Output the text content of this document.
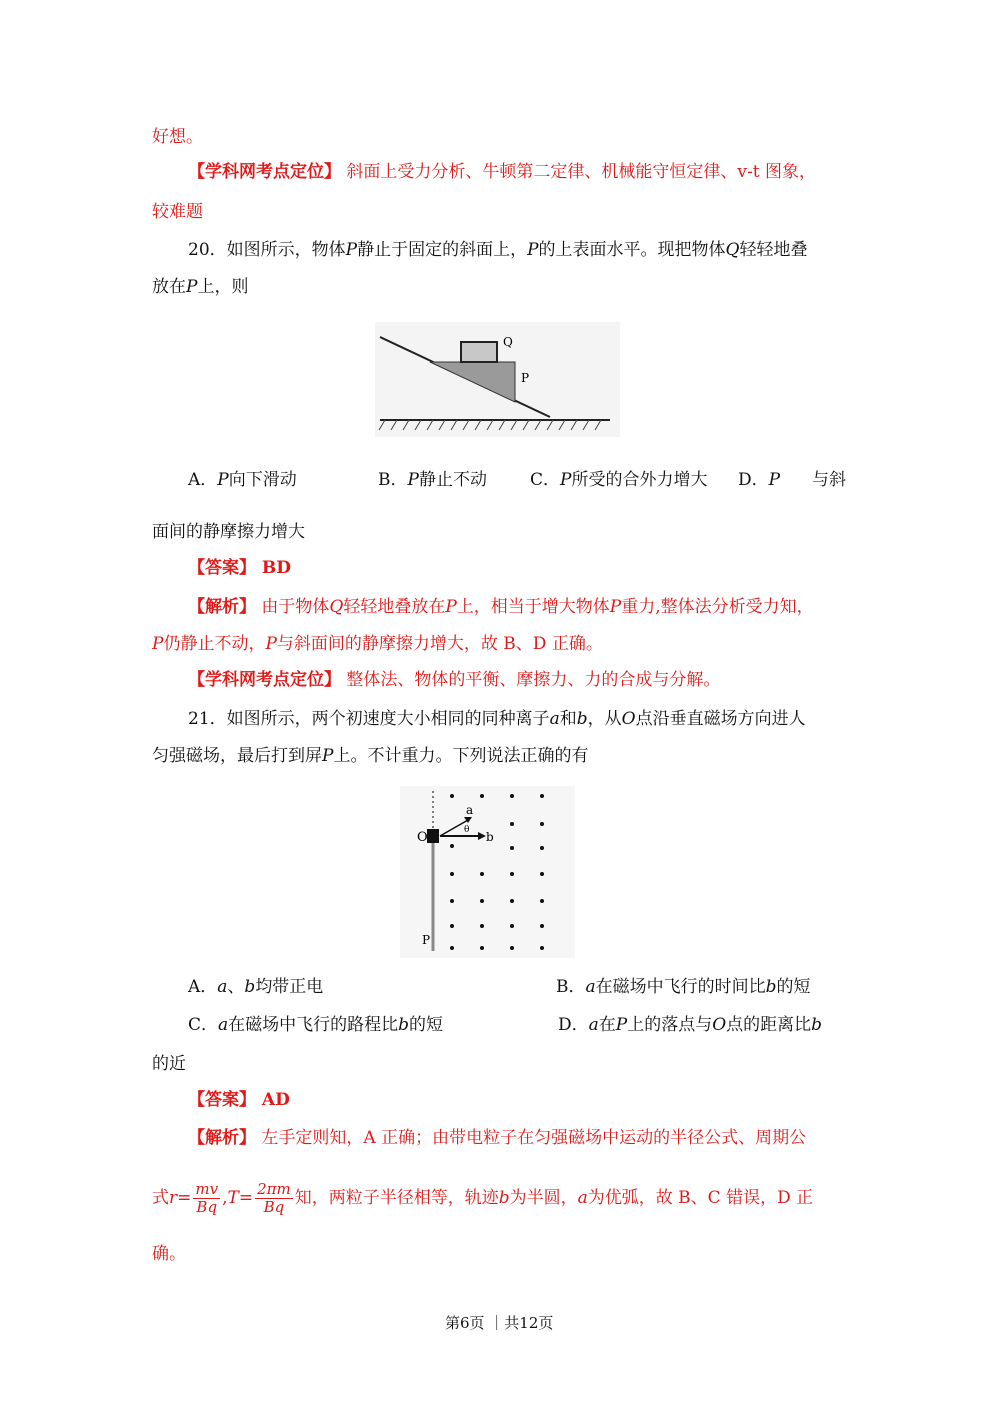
好想。
【学科网考点定位】 斜面上受力分析、牛顿第二定律、机械能守恒定律、v-t 图象，
较难题
20．如图所示，物体P静止于固定的斜面上，P的上表面水平。现把物体Q轻轻地叠
放在P上，则
Q
P
A．P向下滑动	B．P静止不动	C．P所受的合外力增大 D．P 与斜
面间的静摩擦力增大
【答案】 BD
【解析】 由于物体Q轻轻地叠放在P上，相当于增大物体P重力,整体法分析受力知，
P仍静止不动，P与斜面间的静摩擦力增大，故 B、D 正确。
【学科网考点定位】 整体法、物体的平衡、摩擦力、力的合成与分解。
21．如图所示，两个初速度大小相同的同种离子a和b，从O点沿垂直磁场方向进人
匀强磁场，最后打到屏P上。不计重力。下列说法正确的有
O	b
a
θ
P
A．a、b均带正电	B．a在磁场中飞行的时间比b的短
C．a在磁场中飞行的路程比b的短	D．a在P上的落点与O点的距离比b
的近
【答案】 AD
【解析】 左手定则知，A 正确；由带电粒子在匀强磁场中运动的半径公式、周期公
式$r= \frac{mv}{Bq} ,T= \frac{2\pi m}{Bq}$ 知，两粒子半径相等，轨迹b为半圆，a为优弧，故 B、C 错误，D 正
确。
第6页 ｜共12页
